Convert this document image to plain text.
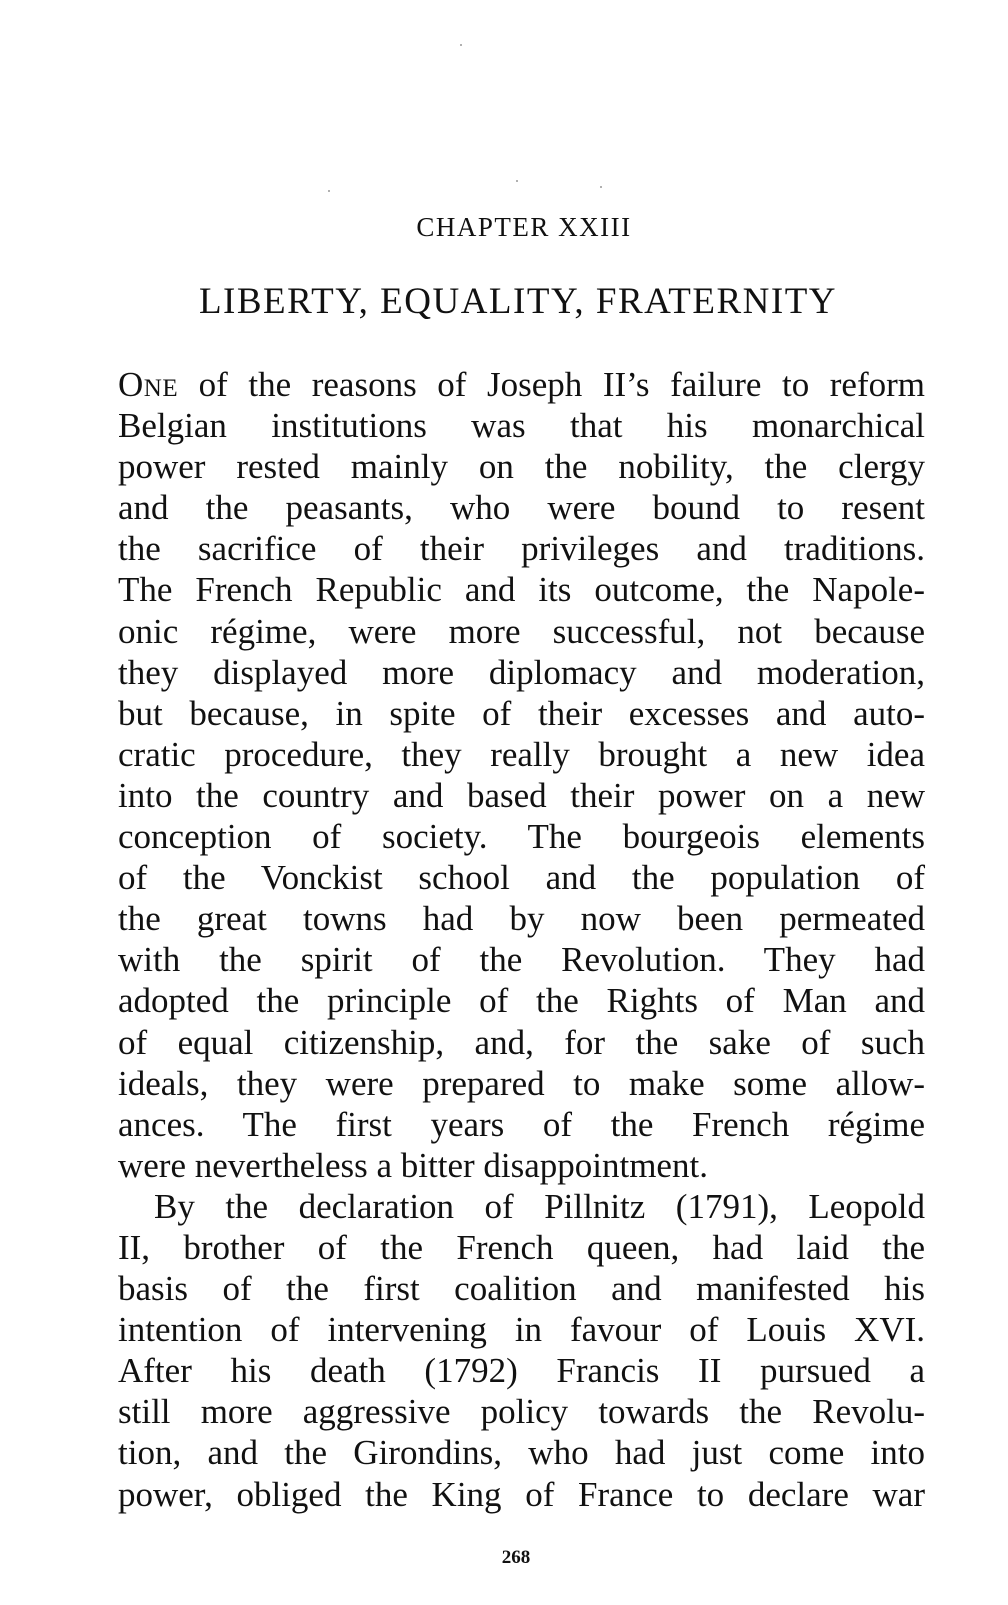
CHAPTER XXIII
LIBERTY, EQUALITY, FRATERNITY
One of the reasons of Joseph II’s failure to reform
Belgian institutions was that his monarchical
power rested mainly on the nobility, the clergy
and the peasants, who were bound to resent
the sacrifice of their privileges and traditions.
The French Republic and its outcome, the Napole-
onic régime, were more successful, not because
they displayed more diplomacy and moderation,
but because, in spite of their excesses and auto-
cratic procedure, they really brought a new idea
into the country and based their power on a new
conception of society. The bourgeois elements
of the Vonckist school and the population of
the great towns had by now been permeated
with the spirit of the Revolution. They had
adopted the principle of the Rights of Man and
of equal citizenship, and, for the sake of such
ideals, they were prepared to make some allow-
ances. The first years of the French régime
were nevertheless a bitter disappointment.
By the declaration of Pillnitz (1791), Leopold
II, brother of the French queen, had laid the
basis of the first coalition and manifested his
intention of intervening in favour of Louis XVI.
After his death (1792) Francis II pursued a
still more aggressive policy towards the Revolu-
tion, and the Girondins, who had just come into
power, obliged the King of France to declare war
268
